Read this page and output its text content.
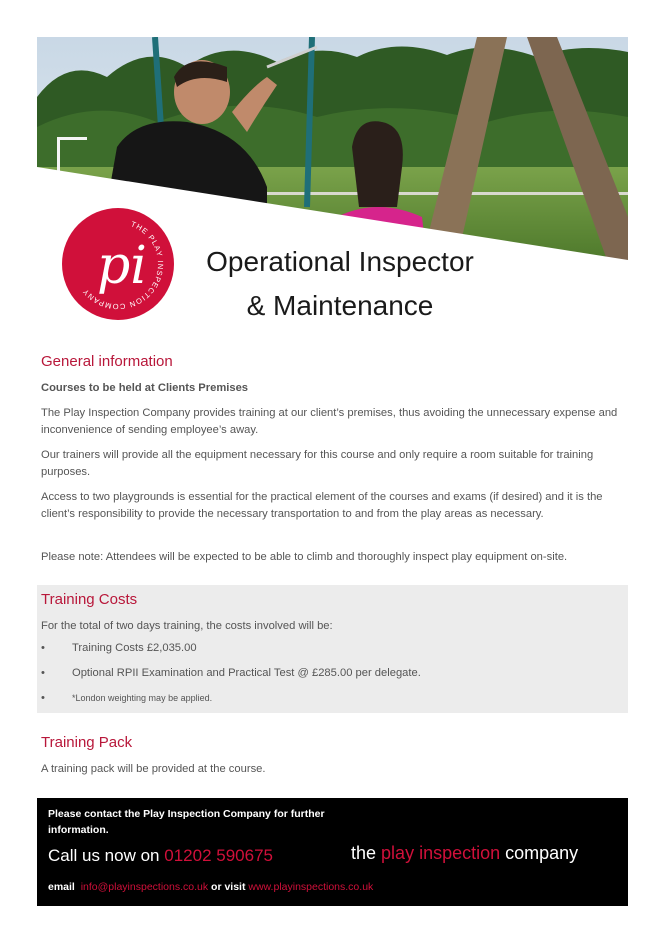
THE PLAY INSPECTION COMPANY pi	Operational Inspector
& Maintenance
General information
Courses to be held at Clients Premises
The Play Inspection Company provides training at our client’s premises, thus avoiding the unnecessary expense and inconvenience of sending employee’s away.
Our trainers will provide all the equipment necessary for this course and only require a room suitable for training purposes.
Access to two playgrounds is essential for the practical element of the courses and exams (if desired) and it is the client’s responsibility to provide the necessary transportation to and from the play areas as necessary.
Please note: Attendees will be expected to be able to climb and thoroughly inspect play equipment on-site.
Training Costs
For the total of two days training, the costs involved will be:
• Training Costs £2,035.00
• Optional RPII Examination and Practical Test @ £285.00 per delegate.
•	*London weighting may be applied.
Training Pack
A training pack will be provided at the course.
Please contact the Play Inspection Company for further
information.
Call us now on 01202 590675	the play inspection company
email info@playinspections.co.uk or visit www.playinspections.co.uk
